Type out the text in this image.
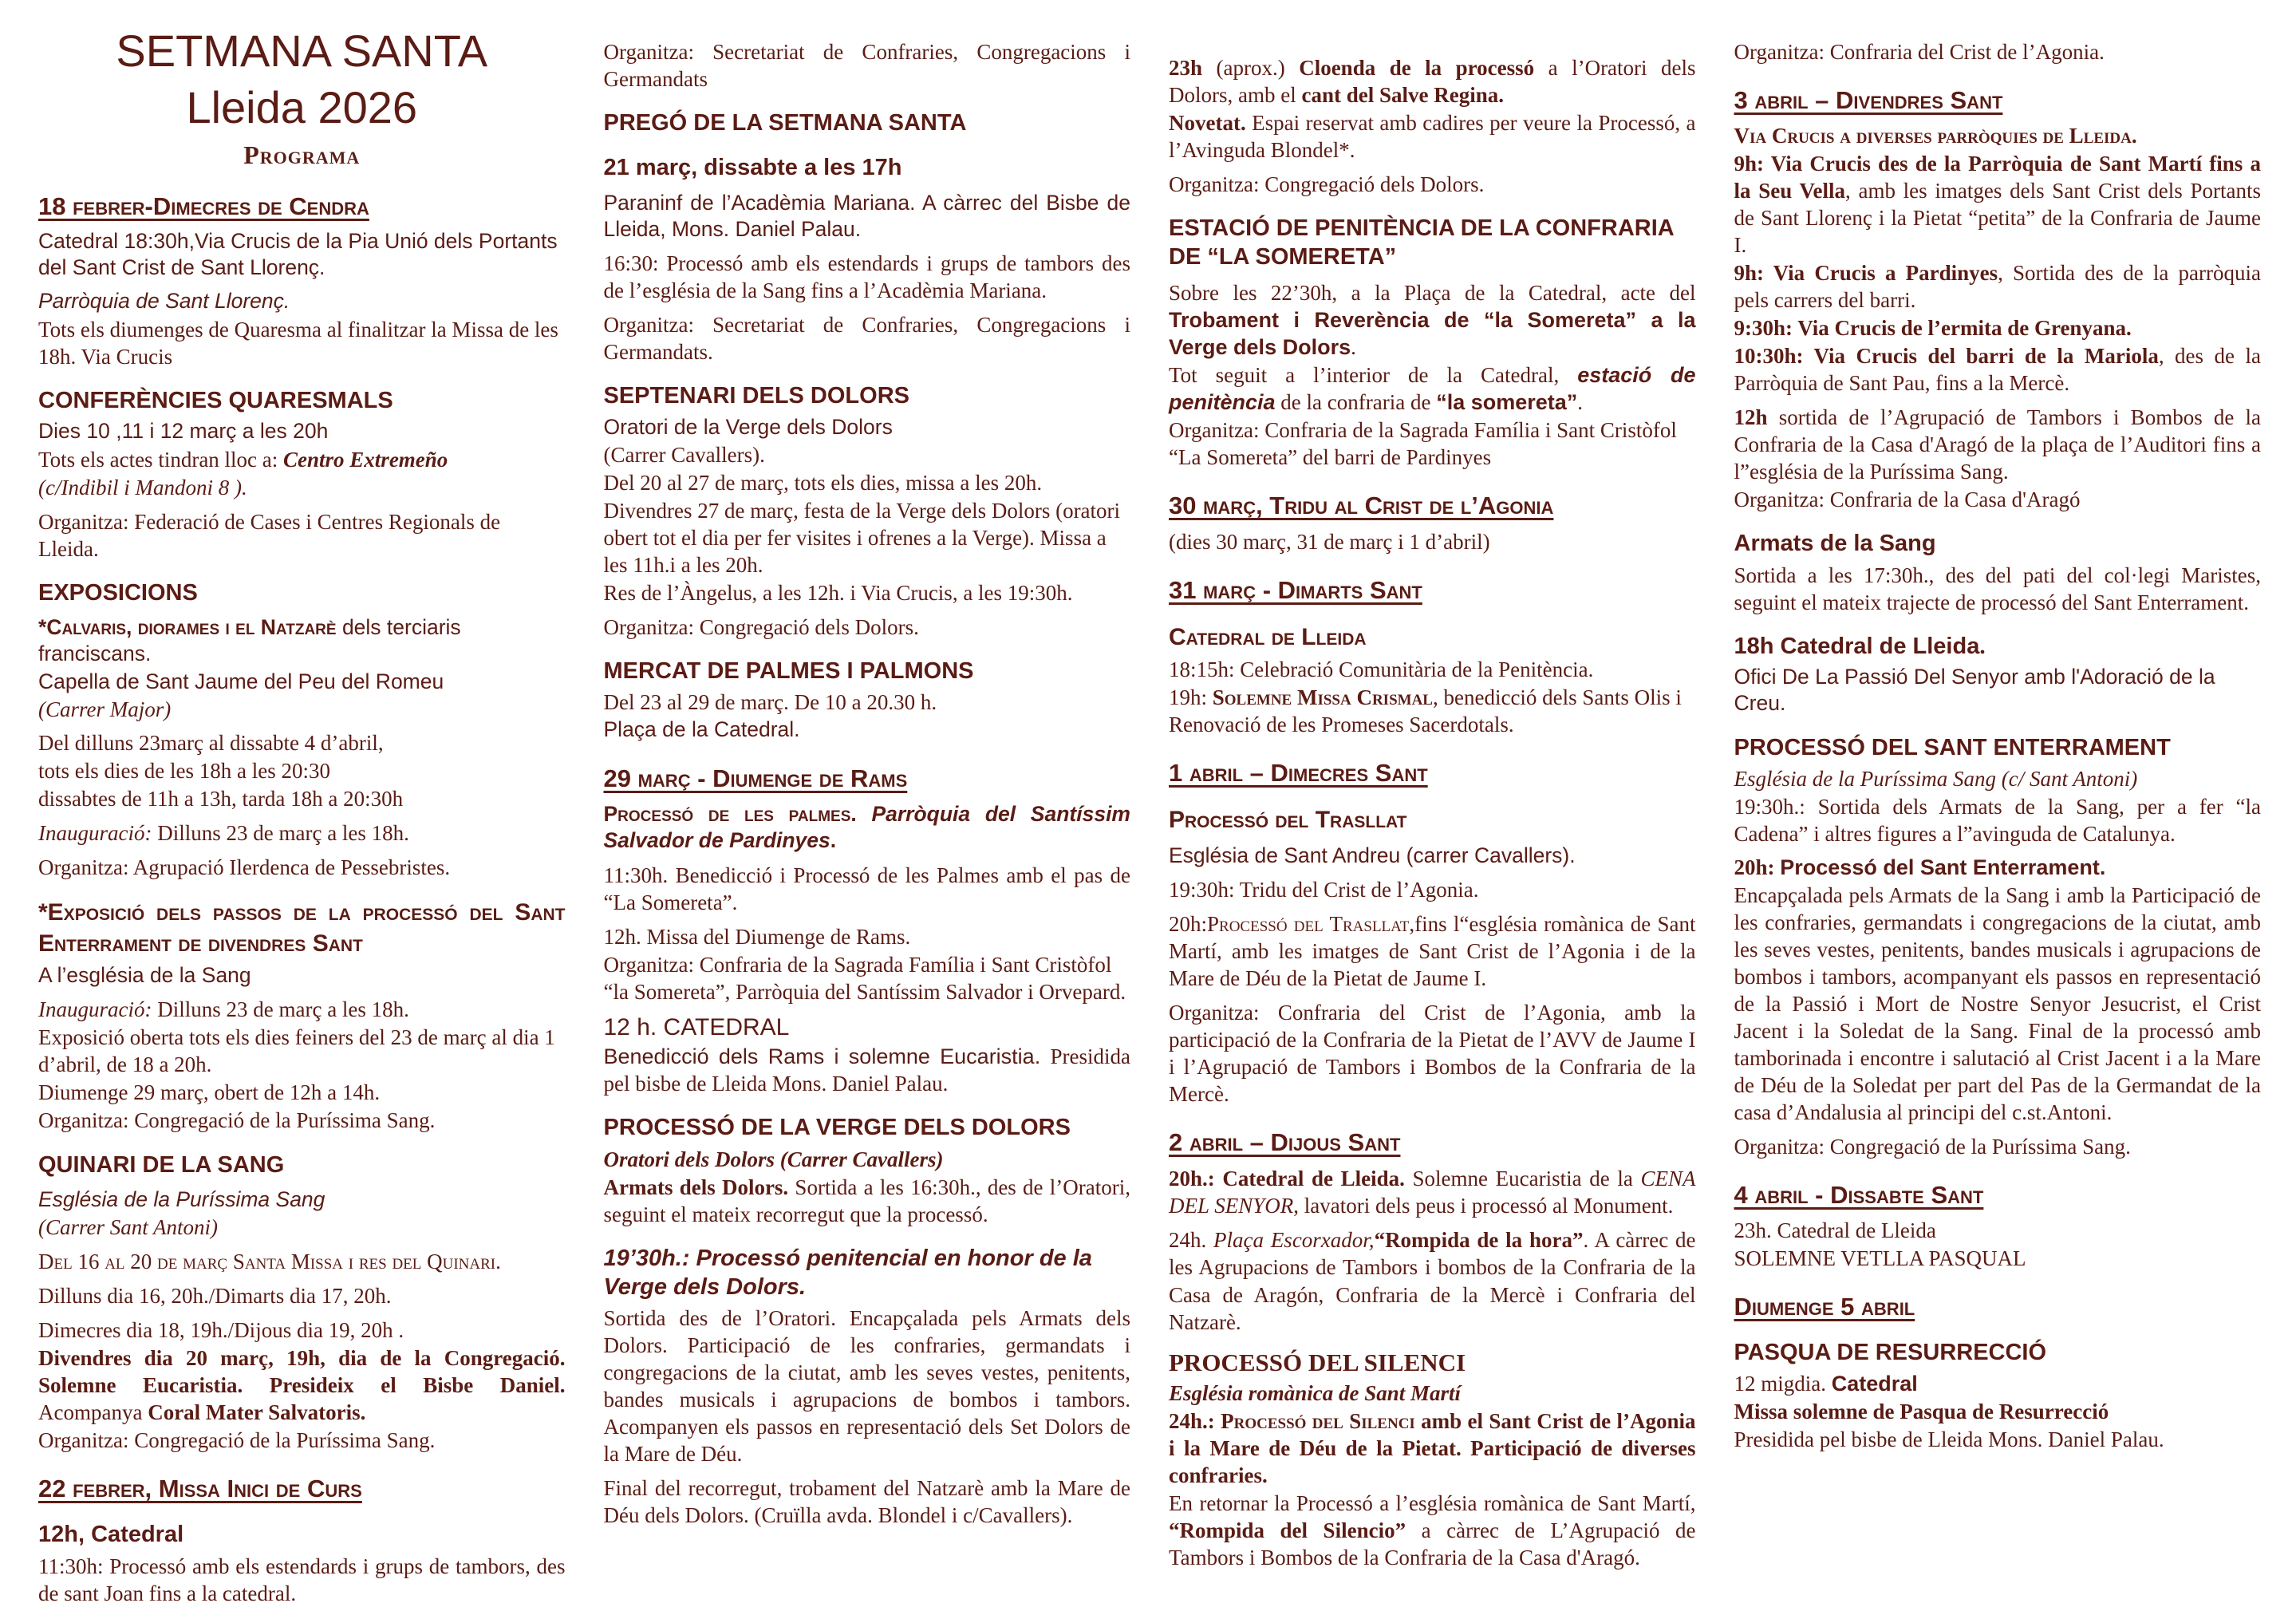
SETMANA SANTA
Lleida 2026
Programa
18 febrer-Dimecres de Cendra
Catedral 18:30h,Via Crucis de la Pia Unió dels Portants del Sant Crist de Sant Llorenç.
Parròquia de Sant Llorenç.
Tots els diumenges de Quaresma al finalitzar la Missa de les 18h. Via Crucis
CONFERÈNCIES QUARESMALS
Dies 10 ,11 i 12 març a les 20h
Tots els actes tindran lloc a: Centro Extremeño
(c/Indibil i Mandoni 8 ).
Organitza: Federació de Cases i Centres Regionals de Lleida.
EXPOSICIONS
*Calvaris, diorames i el Natzarè dels terciaris franciscans.
Capella de Sant Jaume del Peu del Romeu
(Carrer Major)
Del dilluns 23març al dissabte 4 d’abril,
tots els dies de les 18h a les 20:30
dissabtes de 11h a 13h, tarda 18h a 20:30h
Inauguració: Dilluns 23 de març a les 18h.
Organitza: Agrupació Ilerdenca de Pessebristes.
*Exposició dels passos de la processó del Sant Enterrament de divendres Sant
A l’església de la Sang
Inauguració: Dilluns 23 de març a les 18h.
Exposició oberta tots els dies feiners del 23 de març al dia 1 d’abril, de 18 a 20h.
Diumenge 29 març, obert de 12h a 14h.
Organitza: Congregació de la Puríssima Sang.
QUINARI DE LA SANG
Església de la Puríssima Sang
(Carrer Sant Antoni)
Del 16 al 20 de març Santa Missa i res del Quinari.
Dilluns dia 16, 20h./Dimarts dia 17, 20h.
Dimecres dia 18, 19h./Dijous dia 19, 20h .
Divendres dia 20 març, 19h, dia de la Congregació. Solemne Eucaristia. Presideix el Bisbe Daniel. Acompanya Coral Mater Salvatoris.
Organitza: Congregació de la Puríssima Sang.
22 febrer, Missa Inici de Curs
12h, Catedral
11:30h: Processó amb els estendards i grups de tambors, des de sant Joan fins a la catedral.
Organitza: Secretariat de Confraries, Congregacions i Germandats
PREGÓ DE LA SETMANA SANTA
21 març, dissabte a les 17h
Paraninf de l’Acadèmia Mariana. A càrrec del Bisbe de Lleida, Mons. Daniel Palau.
16:30: Processó amb els estendards i grups de tambors des de l’església de la Sang fins a l’Acadèmia Mariana.
Organitza: Secretariat de Confraries, Congregacions i Germandats.
SEPTENARI DELS DOLORS
Oratori de la Verge dels Dolors
(Carrer Cavallers).
Del 20 al 27 de març, tots els dies, missa a les 20h.
Divendres 27 de març, festa de la Verge dels Dolors (oratori obert tot el dia per fer visites i ofrenes a la Verge). Missa a les 11h.i a les 20h.
Res de l’Àngelus, a les 12h. i Via Crucis, a les 19:30h.
Organitza: Congregació dels Dolors.
MERCAT DE PALMES I PALMONS
Del 23 al 29 de març. De 10 a 20.30 h.
Plaça de la Catedral.
29 març - Diumenge de Rams
Processó de les palmes. Parròquia del Santíssim Salvador de Pardinyes.
11:30h. Benedicció i Processó de les Palmes amb el pas de “La Somereta”.
12h. Missa del Diumenge de Rams.
Organitza: Confraria de la Sagrada Família i Sant Cristòfol “la Somereta”, Parròquia del Santíssim Salvador i Orvepard.
12 h. CATEDRAL
Benedicció dels Rams i solemne Eucaristia. Presidida pel bisbe de Lleida Mons. Daniel Palau.
PROCESSÓ DE LA VERGE DELS DOLORS
Oratori dels Dolors (Carrer Cavallers)
Armats dels Dolors. Sortida a les 16:30h., des de l’Oratori, seguint el mateix recorregut que la processó.
19’30h.: Processó penitencial en honor de la Verge dels Dolors.
Sortida des de l’Oratori. Encapçalada pels Armats dels Dolors. Participació de les confraries, germandats i congregacions de la ciutat, amb les seves vestes, penitents, bandes musicals i agrupacions de bombos i tambors. Acompanyen els passos en representació dels Set Dolors de la Mare de Déu.
Final del recorregut, trobament del Natzarè amb la Mare de Déu dels Dolors. (Cruïlla avda. Blondel i c/Cavallers).
23h (aprox.) Cloenda de la processó a l’Oratori dels Dolors, amb el cant del Salve Regina.
Novetat. Espai reservat amb cadires per veure la Processó, a l’Avinguda Blondel*.
Organitza: Congregació dels Dolors.
ESTACIÓ DE PENITÈNCIA DE LA CONFRARIA DE “LA SOMERETA”
Sobre les 22’30h, a la Plaça de la Catedral, acte del Trobament i Reverència de “la Somereta” a la Verge dels Dolors.
Tot seguit a l’interior de la Catedral, estació de penitència de la confraria de “la somereta”.
Organitza: Confraria de la Sagrada Família i Sant Cristòfol “La Somereta” del barri de Pardinyes
30 març, Tridu al Crist de l’Agonia
(dies 30 març, 31 de març i 1 d’abril)
31 març - Dimarts Sant
Catedral de Lleida
18:15h: Celebració Comunitària de la Penitència.
19h: Solemne Missa Crismal, benedicció dels Sants Olis i Renovació de les Promeses Sacerdotals.
1 abril – Dimecres Sant
Processó del Trasllat
Església de Sant Andreu (carrer Cavallers).
19:30h: Tridu del Crist de l’Agonia.
20h:Processó del Trasllat,fins l“església romànica de Sant Martí, amb les imatges de Sant Crist de l’Agonia i de la Mare de Déu de la Pietat de Jaume I.
Organitza: Confraria del Crist de l’Agonia, amb la participació de la Confraria de la Pietat de l’AVV de Jaume I i l’Agrupació de Tambors i Bombos de la Confraria de la Mercè.
2 abril – Dijous Sant
20h.: Catedral de Lleida. Solemne Eucaristia de la CENA DEL SENYOR, lavatori dels peus i processó al Monument.
24h. Plaça Escorxador,“Rompida de la hora”. A càrrec de les Agrupacions de Tambors i bombos de la Confraria de la Casa de Aragón, Confraria de la Mercè i Confraria del Natzarè.
PROCESSÓ DEL SILENCI
Església romànica de Sant Martí
24h.: Processó del Silenci amb el Sant Crist de l’Agonia i la Mare de Déu de la Pietat. Participació de diverses confraries.
En retornar la Processó a l’església romànica de Sant Martí, “Rompida del Silencio” a càrrec de L’Agrupació de Tambors i Bombos de la Confraria de la Casa d'Aragó.
Organitza: Confraria del Crist de l’Agonia.
3 abril – Divendres Sant
Via Crucis a diverses parròquies de Lleida.
9h: Via Crucis des de la Parròquia de Sant Martí fins a la Seu Vella, amb les imatges dels Sant Crist dels Portants de Sant Llorenç i la Pietat “petita” de la Confraria de Jaume I.
9h: Via Crucis a Pardinyes, Sortida des de la parròquia pels carrers del barri.
9:30h: Via Crucis de l’ermita de Grenyana.
10:30h: Via Crucis del barri de la Mariola, des de la Parròquia de Sant Pau, fins a la Mercè.
12h sortida de l’Agrupació de Tambors i Bombos de la Confraria de la Casa d'Aragó de la plaça de l’Auditori fins a l”església de la Puríssima Sang.
Organitza: Confraria de la Casa d'Aragó
Armats de la Sang
Sortida a les 17:30h., des del pati del col·legi Maristes, seguint el mateix trajecte de processó del Sant Enterrament.
18h Catedral de Lleida.
Ofici De La Passió Del Senyor amb l'Adoració de la Creu.
PROCESSÓ DEL SANT ENTERRAMENT
Església de la Puríssima Sang (c/ Sant Antoni)
19:30h.: Sortida dels Armats de la Sang, per a fer “la Cadena” i altres figures a l”avinguda de Catalunya.
20h: Processó del Sant Enterrament.
Encapçalada pels Armats de la Sang i amb la Participació de les confraries, germandats i congregacions de la ciutat, amb les seves vestes, penitents, bandes musicals i agrupacions de bombos i tambors, acompanyant els passos en representació de la Passió i Mort de Nostre Senyor Jesucrist, el Crist Jacent i la Soledat de la Sang. Final de la processó amb tamborinada i encontre i salutació al Crist Jacent i a la Mare de Déu de la Soledat per part del Pas de la Germandat de la casa d’Andalusia al principi del c.st.Antoni.
Organitza: Congregació de la Puríssima Sang.
4 abril - Dissabte Sant
23h. Catedral de Lleida
SOLEMNE VETLLA PASQUAL
Diumenge 5 abril
PASQUA DE RESURRECCIÓ
12 migdia. Catedral
Missa solemne de Pasqua de Resurrecció
Presidida pel bisbe de Lleida Mons. Daniel Palau.
